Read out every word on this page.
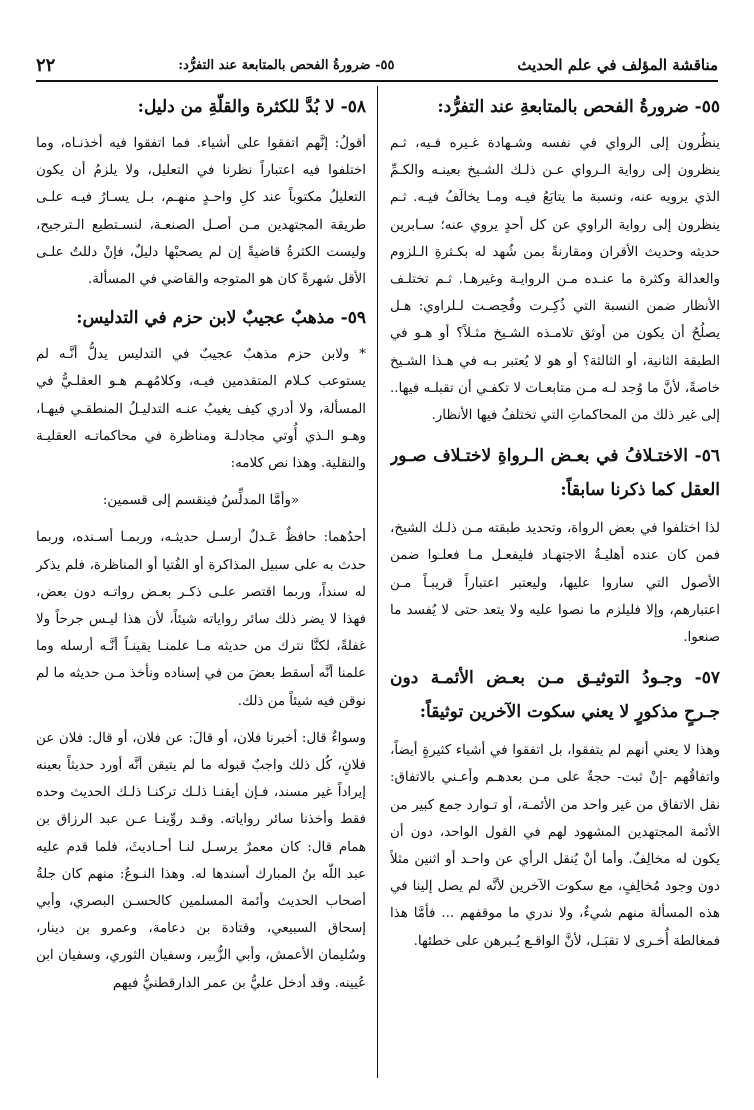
مناقشة المؤلف في علم الحديث
٥٥- ضرورةُ الفحص بالمتابعة عند التفرُّد:
٢٢
٥٥- ضرورةُ الفحص بالمتابعةِ عند التفرُّد:

ينظُرون إلى الرواي في نفسه وشـهادة غـيره فـيه، ثـم ينظرون إلى رواية الـرواي عـن ذلـك الشـيخ بعينـه والكـمِّ الذي يرويه عنه، ونسبة ما يتابَعُ فيـه ومـا يخالَفُ فيـه. ثـم ينظرون إلى رواية الراوي عن كل أحدٍ يروي عنه؛ سـابرين حديثه وحديث الأقران ومقارنةً بمن شُهد له بكـثرةِ الـلزوم والعدالة وكثرة ما عنـده مـن الروايـة وغيرهـا. ثـم تختلـف الأنظار ضمن النسبة التي ذُكِـرت وفُحِصـت لـلراوي: هـل يصلُحُ أن يكون من أوثق تلامـذه الشـيخ مثـلاً؟ أو هـو في الطبقة الثانية، أو الثالثة؟ أو هو لا يُعتبر بـه في هـذا الشـيخ خاصةً، لأنَّ ما وُجد لـه مـن متابعـات لا تكفـي أن تقبلـه فيها.. إلى غير ذلك من المحاكماتِ التي تختلفُ فيها الأنظار.

٥٦- الاختـلافُ في بعـض الـرواةِ لاختـلاف صـور العقل كما ذكرنا سابقاً:

لذا اختلفوا في بعض الرواة، وتحديد طبقته مـن ذلـك الشيخ، فمن كان عنده أهليـةُ الاجتهـاد فليفعـل مـا فعلـوا ضمن الأصول التي ساروا عليها، وليعتبر اعتباراً قريبـاً مـن اعتبارهم، وإلا فليلزم ما نصوا عليه ولا يتعد حتى لا يُفسد ما صنعوا.

٥٧- وجـودُ التوثيـق مـن بعـض الأئمـة دون جـرحٍ مذكورٍ لا يعني سكوت الآخرين توثيقاً:

وهذا لا يعني أنهم لم يتفقوا، بل اتفقوا في أشياء كثيرةٍ أيضاً، واتفاقُهم -إنْ ثبت- حجةٌ على مـن بعدهـم وأعـني بالاتفاق: نقل الاتفاق من غير واحد من الأئمـة، أو تـوارد جمع كبير من الأئمة المجتهدين المشهود لهم في القول الواحد، دون أن يكون له مخالِفٌ. وأما أنْ يُنقل الرأي عن واحـد أو اثنين مثلاً دون وجود مُخالِفٍ، مع سكوت الآخرين لأنَّه لم يصل إلينا في هذه المسألة منهم شيءٌ، ولا ندري ما موقفهم ... فأمَّا هذا فمغالطة أُخـرى لا تقبَـل، لأنَّ الواقـع يُـبرهن على خطئها.

٥٨- لا بُدَّ للكثرة والقلّةِ من دليل:

أقولُ: إنَّهم اتفقوا على أشياء. فما اتفقوا فيه أخذنـاه، وما اختلفوا فيه اعتباراً نظرنا في التعليل، ولا يلزمُ أن يكون التعليلُ مكتوباً عند كلِ واحـدٍ منهـم، بـل يسـارُ فيـه علـى طريقة المجتهدين مـن أصـل الصنعـة، لنسـتطيع الـترجيح، وليست الكثرةُ قاضيةً إن لم يصحبْها دليلٌ، فإنْ دللتُ علـى الأقل شهرةً كان هو المتوجه والقاضي في المسألة.

٥٩- مذهبٌ عجيبٌ لابن حزم في التدليس:

* ولابن حزم مذهبٌ عجيبٌ في التدليس يدلُّ أنَّـه لم يستوعب كـلام المتقدمين فيـه، وكلامُهـم هـو العقلـيُّ في المسألة، ولا أدري كيف يغيبُ عنـه التدليـلُ المنطقـي فيهـا، وهـو الـذي أُوتي مجادلـة ومناظرة في محاكماتـه العقليـة والنقلية. وهذا نص كلامه:

«وأمَّا المدلِّسُ فينقسم إلى قسمين:

أحدُهما: حافظٌ عَـدلٌ أرسـل حديثـه، وربمـا أسـنده، وربما حدث به على سبيل المذاكرة أو الفُتيا أو المناظرة، فلم يذكر له سنداً، وربما اقتصر علـى ذكـر بعـض رواتـه دون بعض، فهذا لا يضر ذلك سائر رواياته شيئاً، لأن هذا ليـس جرحاً ولا غفلةً، لكنَّا نترك من حديثه مـا علمنـا يقينـاً أنَّـه أرسله وما علمنا أنَّه أسقط بعضَ من في إسناده ونأخذ مـن حديثه ما لم نوقن فيه شيئاً من ذلك.

وسواءٌ قال: أخبرنا فلان، أو قالَ: عن فلان، أو قال: فلان عن فلانٍ، كُل ذلك واجبٌ قبوله ما لم يتيقن أنَّه أورد حديثاً بعينه إيراداً غير مسند، فـإن أيقنـا ذلـك تركنـا ذلـك الحديث وحده فقط وأخذنا سائر رواياته. وقـد روِّينـا عـن عبد الرزاق بن همام قال: كان معمرٌ يرسـل لنـا أحـاديثَ، فلما قدم عليه عبد اللّه بنُ المبارك أسندها له. وهذا النـوعُ: منهم كان جلةُ أصحاب الحديث وأئمة المسلمين كالحسـن البصري، وأبي إسحاق السبيعي، وقتادة بن دعامة، وعمرو بن دينار، وسُليمان الأعمش، وأبي الزُّبير، وسفيان الثوري، وسفيان ابن عُيينه. وقد أدخل عليُّ بن عمر الدارقطنيُّ فيهم
